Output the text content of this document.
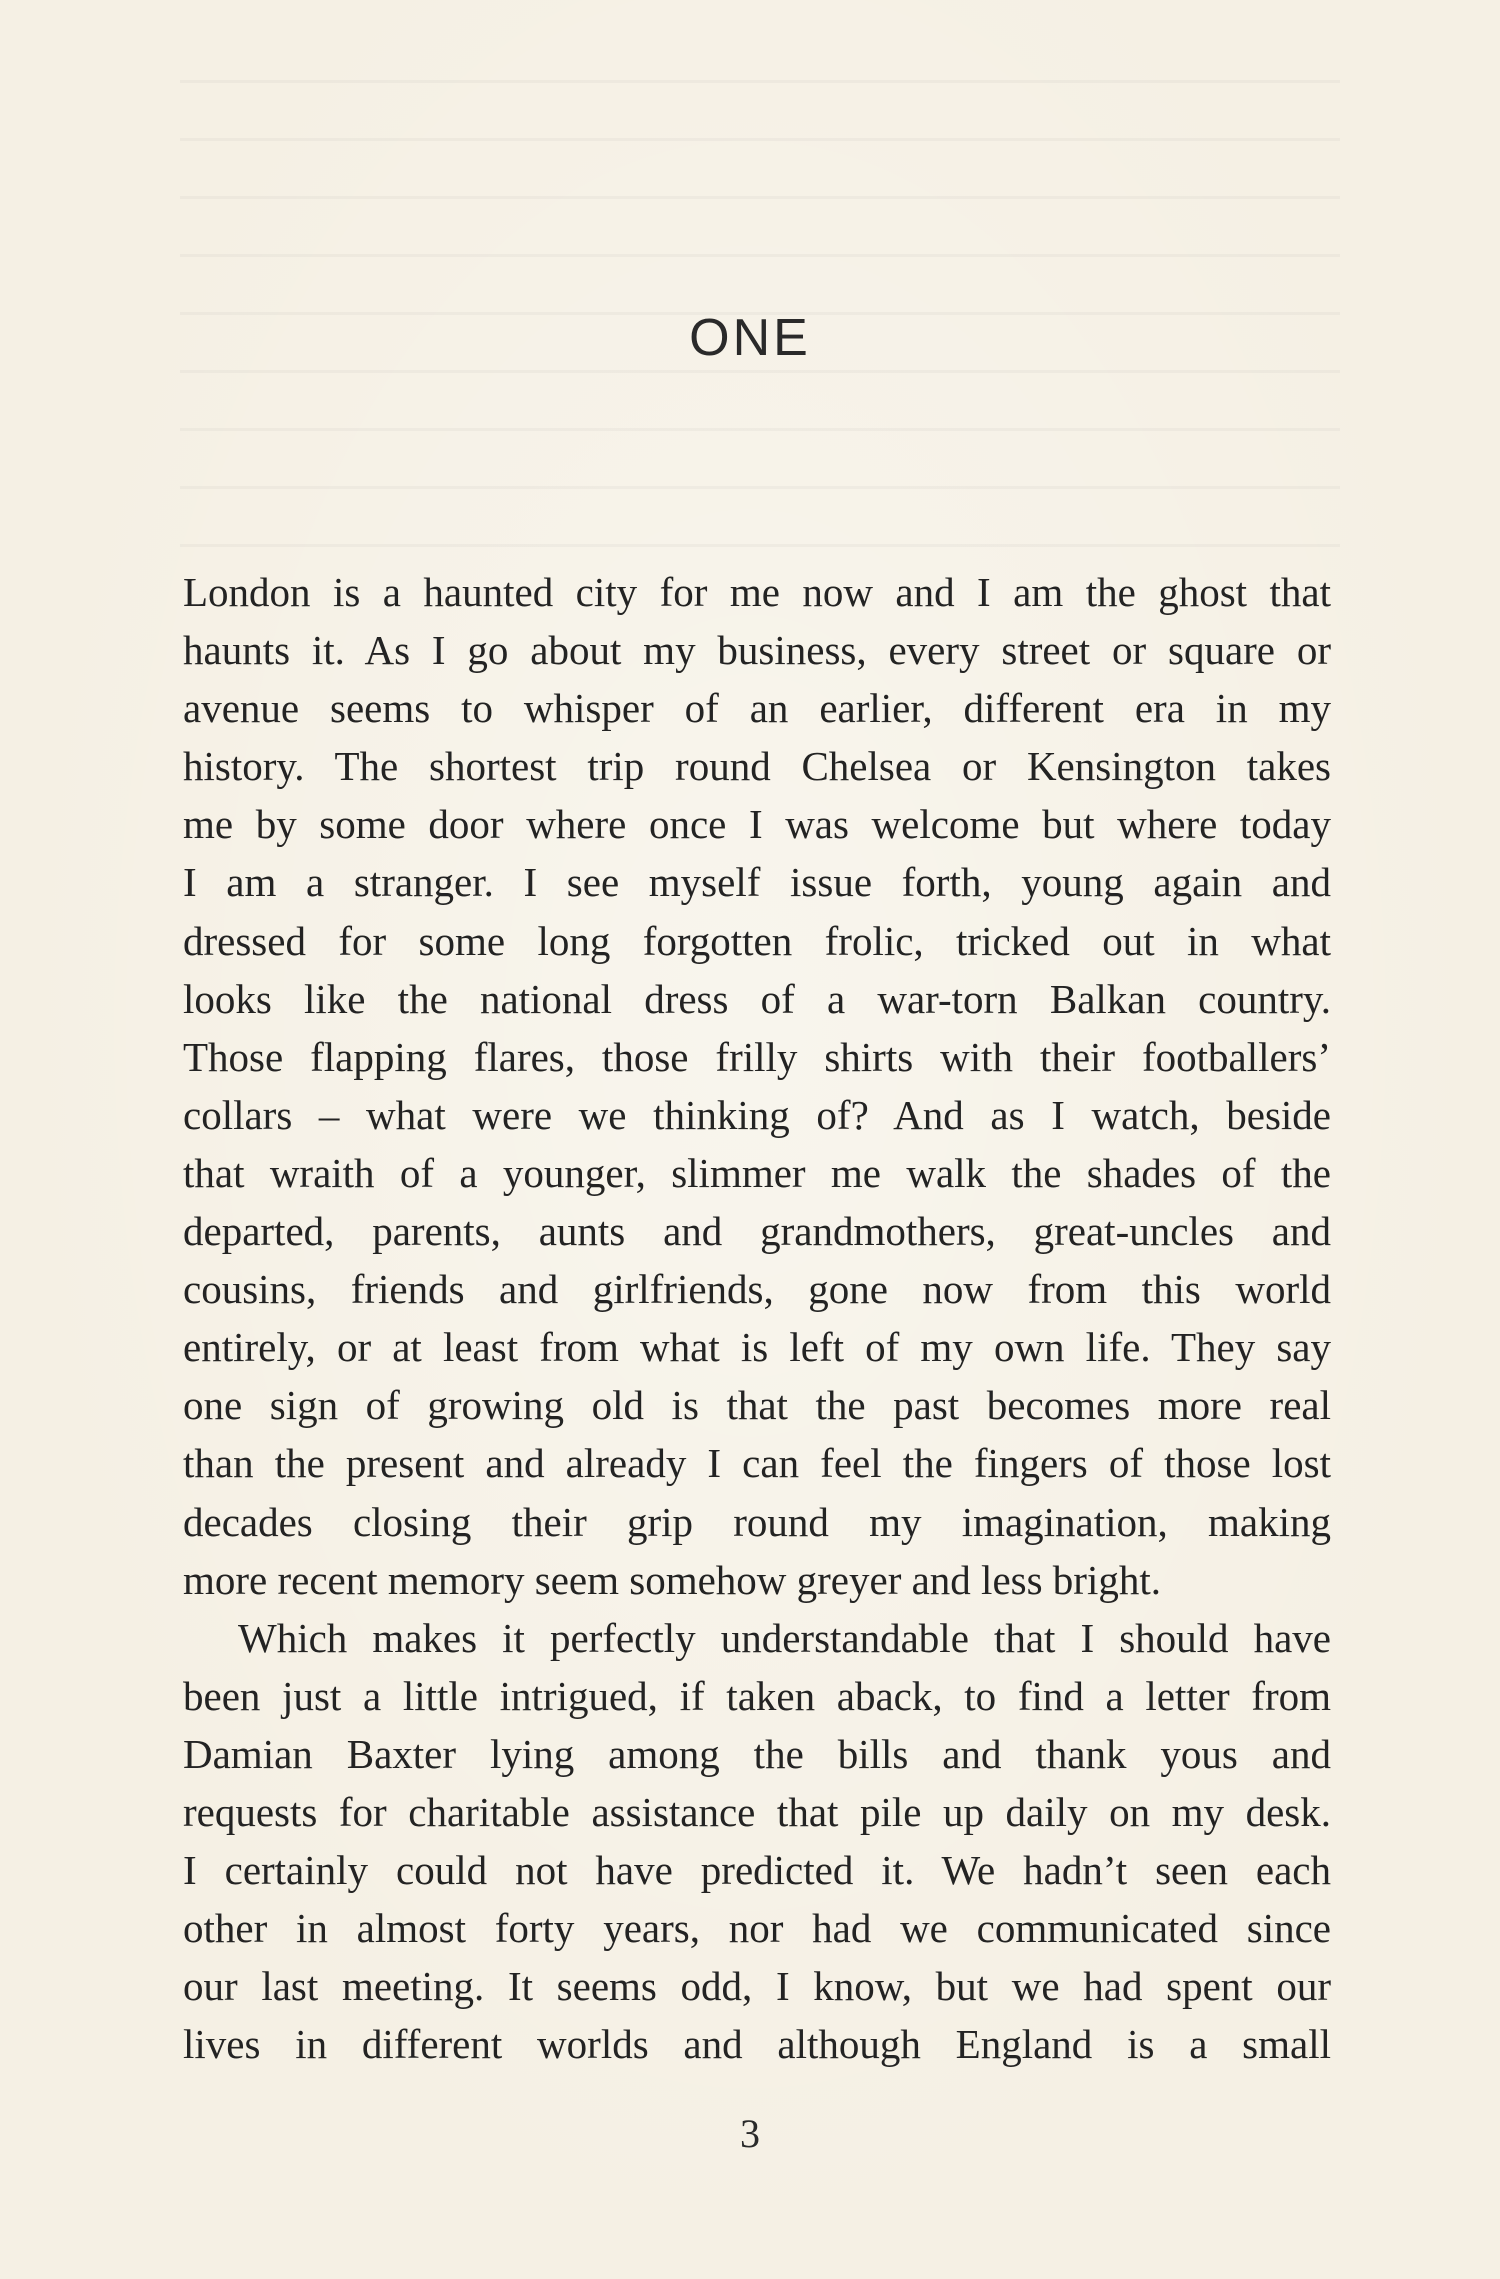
ONE
London is a haunted city for me now and I am the ghost that
haunts it. As I go about my business, every street or square or
avenue seems to whisper of an earlier, different era in my
history. The shortest trip round Chelsea or Kensington takes
me by some door where once I was welcome but where today
I am a stranger. I see myself issue forth, young again and
dressed for some long forgotten frolic, tricked out in what
looks like the national dress of a war-torn Balkan country.
Those flapping flares, those frilly shirts with their footballers’
collars – what were we thinking of? And as I watch, beside
that wraith of a younger, slimmer me walk the shades of the
departed, parents, aunts and grandmothers, great-uncles and
cousins, friends and girlfriends, gone now from this world
entirely, or at least from what is left of my own life. They say
one sign of growing old is that the past becomes more real
than the present and already I can feel the fingers of those lost
decades closing their grip round my imagination, making
more recent memory seem somehow greyer and less bright.
Which makes it perfectly understandable that I should have
been just a little intrigued, if taken aback, to find a letter from
Damian Baxter lying among the bills and thank yous and
requests for charitable assistance that pile up daily on my desk.
I certainly could not have predicted it. We hadn’t seen each
other in almost forty years, nor had we communicated since
our last meeting. It seems odd, I know, but we had spent our
lives in different worlds and although England is a small
3
